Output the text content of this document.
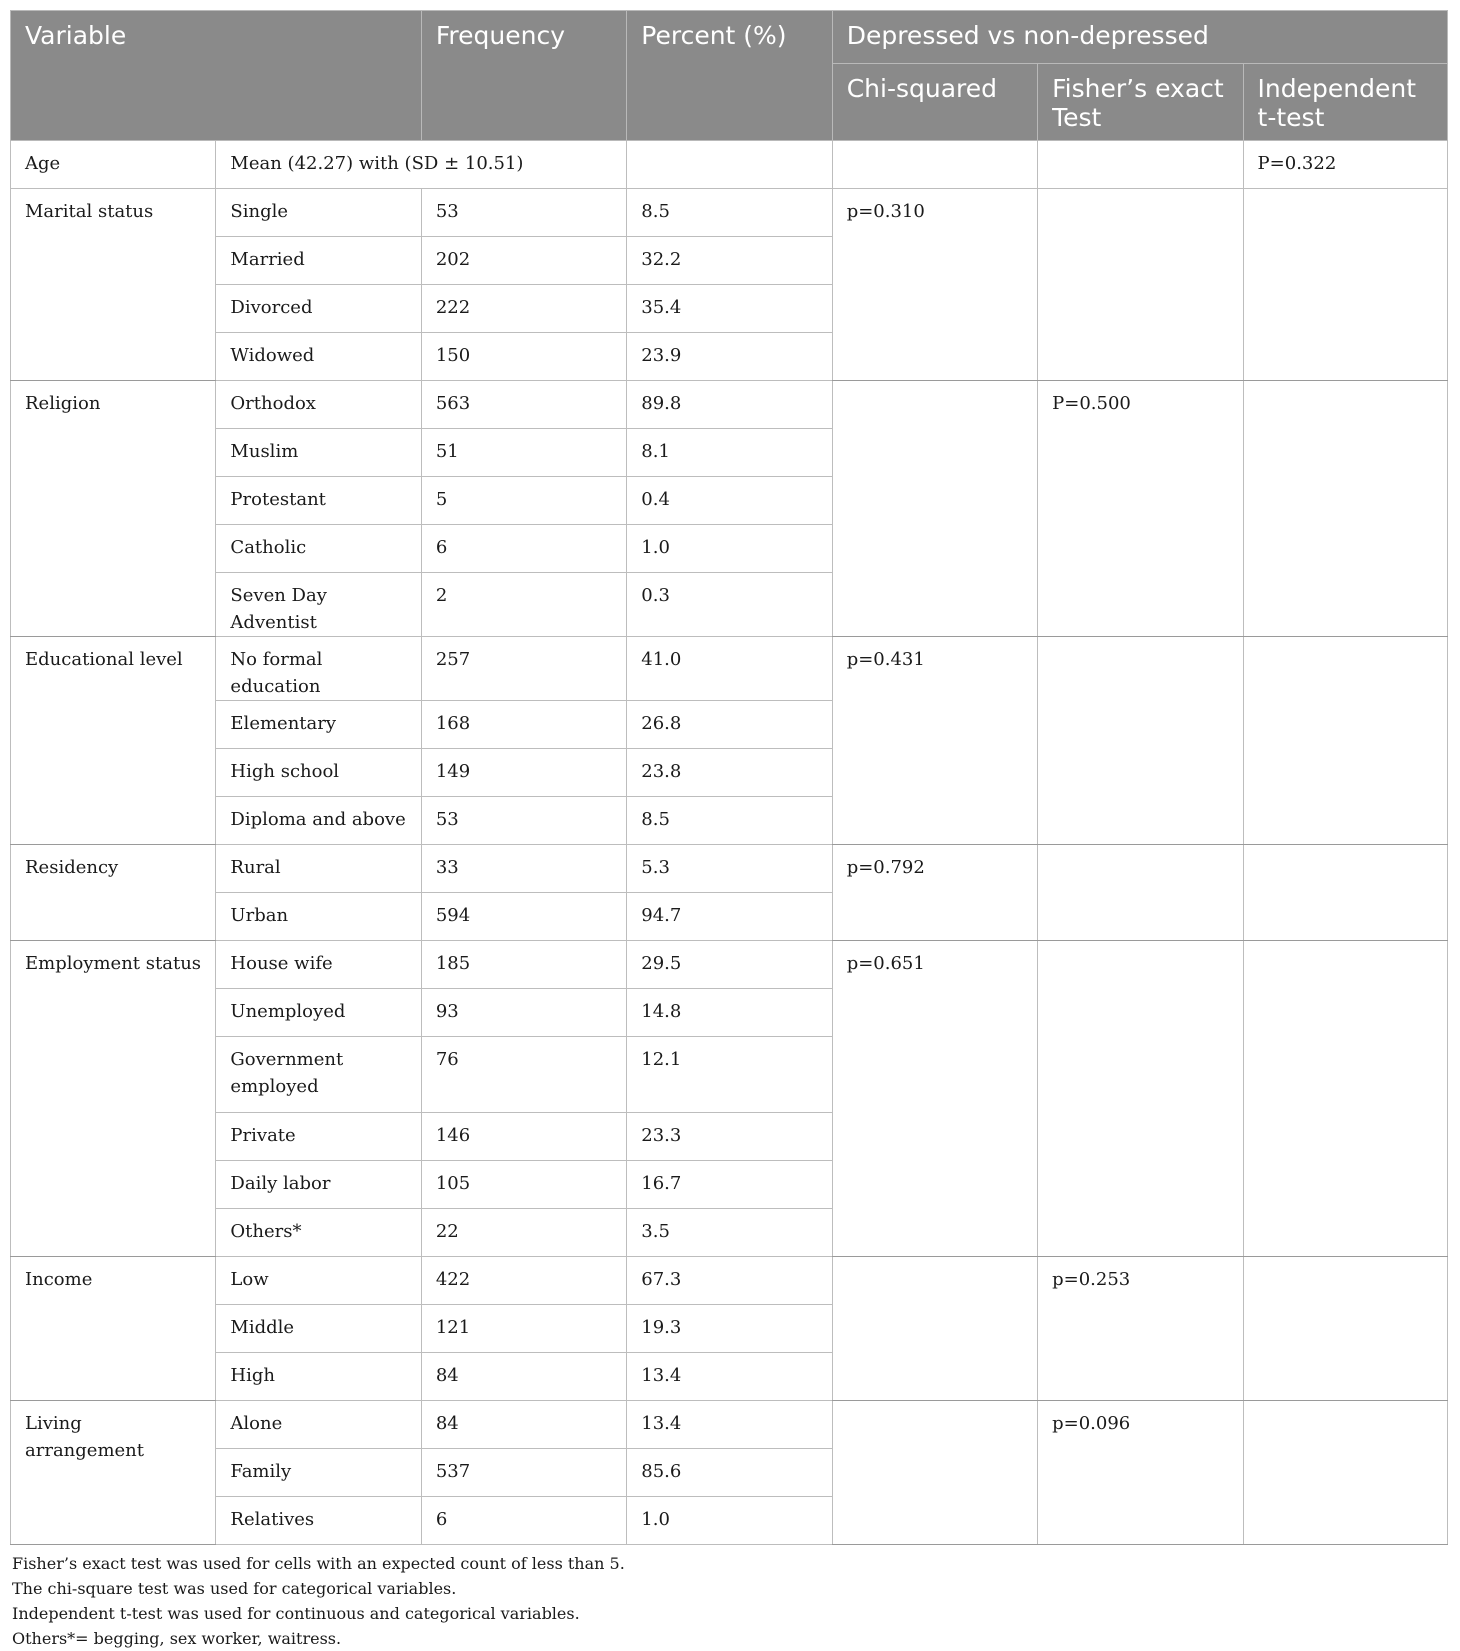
Variable		Frequency	Percent (%)	Depressed vs non-depressed		
				Chi-squared	Fisher’s exact Test	Independent t-test
Age	Mean (42.27) with (SD ± 10.51)					P=0.322
Marital status	Single	53	8.5	p=0.310		
	Married	202	32.2			
	Divorced	222	35.4			
	Widowed	150	23.9			
Religion	Orthodox	563	89.8		P=0.500	
	Muslim	51	8.1			
	Protestant	5	0.4			
	Catholic	6	1.0			
	Seven Day Adventist	2	0.3			
Educational level	No formal education	257	41.0	p=0.431		
	Elementary	168	26.8			
	High school	149	23.8			
	Diploma and above	53	8.5			
Residency	Rural	33	5.3	p=0.792		
	Urban	594	94.7			
Employment status	House wife	185	29.5	p=0.651		
	Unemployed	93	14.8			
	Government employed	76	12.1			
	Private	146	23.3			
	Daily labor	105	16.7			
	Others*	22	3.5			
Income	Low	422	67.3		p=0.253	
	Middle	121	19.3			
	High	84	13.4			
Living arrangement	Alone	84	13.4		p=0.096	
	Family	537	85.6			
	Relatives	6	1.0			
Fisher’s exact test was used for cells with an expected count of less than 5.
The chi-square test was used for categorical variables.
Independent t-test was used for continuous and categorical variables.
Others*= begging, sex worker, waitress.
